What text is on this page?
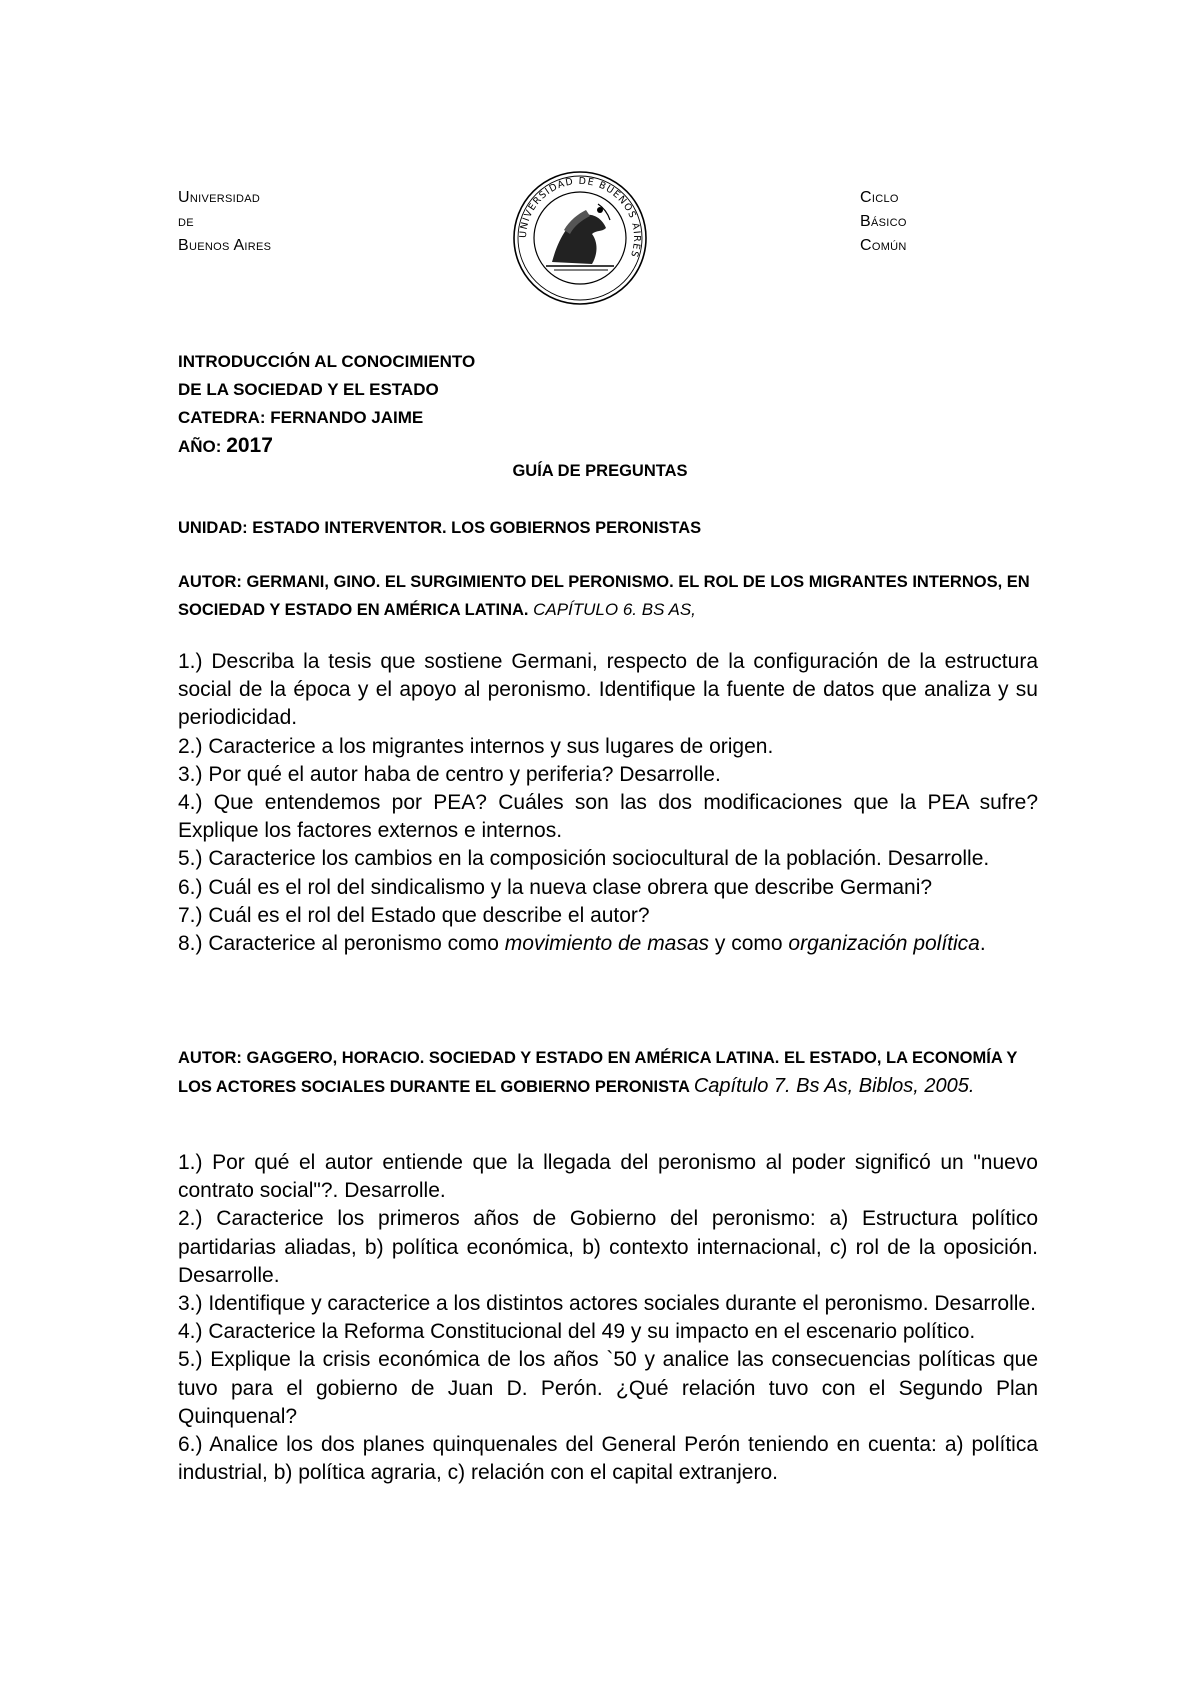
Universidad
de
Buenos Aires
UNIVERSIDAD DE BUENOS AIRES
Ciclo
Básico
Común
INTRODUCCIÓN AL CONOCIMIENTO
DE LA SOCIEDAD Y EL ESTADO
CATEDRA: FERNANDO JAIME
AÑO: 2017
GUÍA DE PREGUNTAS
UNIDAD: ESTADO INTERVENTOR. LOS GOBIERNOS PERONISTAS
AUTOR: GERMANI, GINO. EL SURGIMIENTO DEL PERONISMO. EL ROL DE LOS MIGRANTES INTERNOS, EN SOCIEDAD Y ESTADO EN AMÉRICA LATINA. CAPÍTULO 6. BS AS,
1.) Describa la tesis que sostiene Germani, respecto de la configuración de la estructura social de la época y el apoyo al peronismo. Identifique la fuente de datos que analiza y su periodicidad.
2.) Caracterice a los migrantes internos y sus lugares de origen.
3.) Por qué el autor haba de centro y periferia? Desarrolle.
4.) Que entendemos por PEA? Cuáles son las dos modificaciones que la PEA sufre? Explique los factores externos e internos.
5.) Caracterice los cambios en la composición sociocultural de la población. Desarrolle.
6.) Cuál es el rol del sindicalismo y la nueva clase obrera que describe Germani?
7.) Cuál es el rol del Estado que describe el autor?
8.) Caracterice al peronismo como movimiento de masas y como organización política.
AUTOR: GAGGERO, HORACIO. SOCIEDAD Y ESTADO EN AMÉRICA LATINA. EL ESTADO, LA ECONOMÍA Y LOS ACTORES SOCIALES DURANTE EL GOBIERNO PERONISTA Capítulo 7. Bs As, Biblos, 2005.
1.) Por qué el autor entiende que la llegada del peronismo al poder significó un "nuevo contrato social"?. Desarrolle.
2.) Caracterice los primeros años de Gobierno del peronismo: a) Estructura político partidarias aliadas, b) política económica, b) contexto internacional, c) rol de la oposición. Desarrolle.
3.) Identifique y caracterice a los distintos actores sociales durante el peronismo. Desarrolle.
4.) Caracterice la Reforma Constitucional del 49 y su impacto en el escenario político.
5.) Explique la crisis económica de los años `50 y analice las consecuencias políticas que tuvo para el gobierno de Juan D. Perón. ¿Qué relación tuvo con el Segundo Plan Quinquenal?
6.) Analice los dos planes quinquenales del General Perón teniendo en cuenta: a) política industrial, b) política agraria, c) relación con el capital extranjero.
